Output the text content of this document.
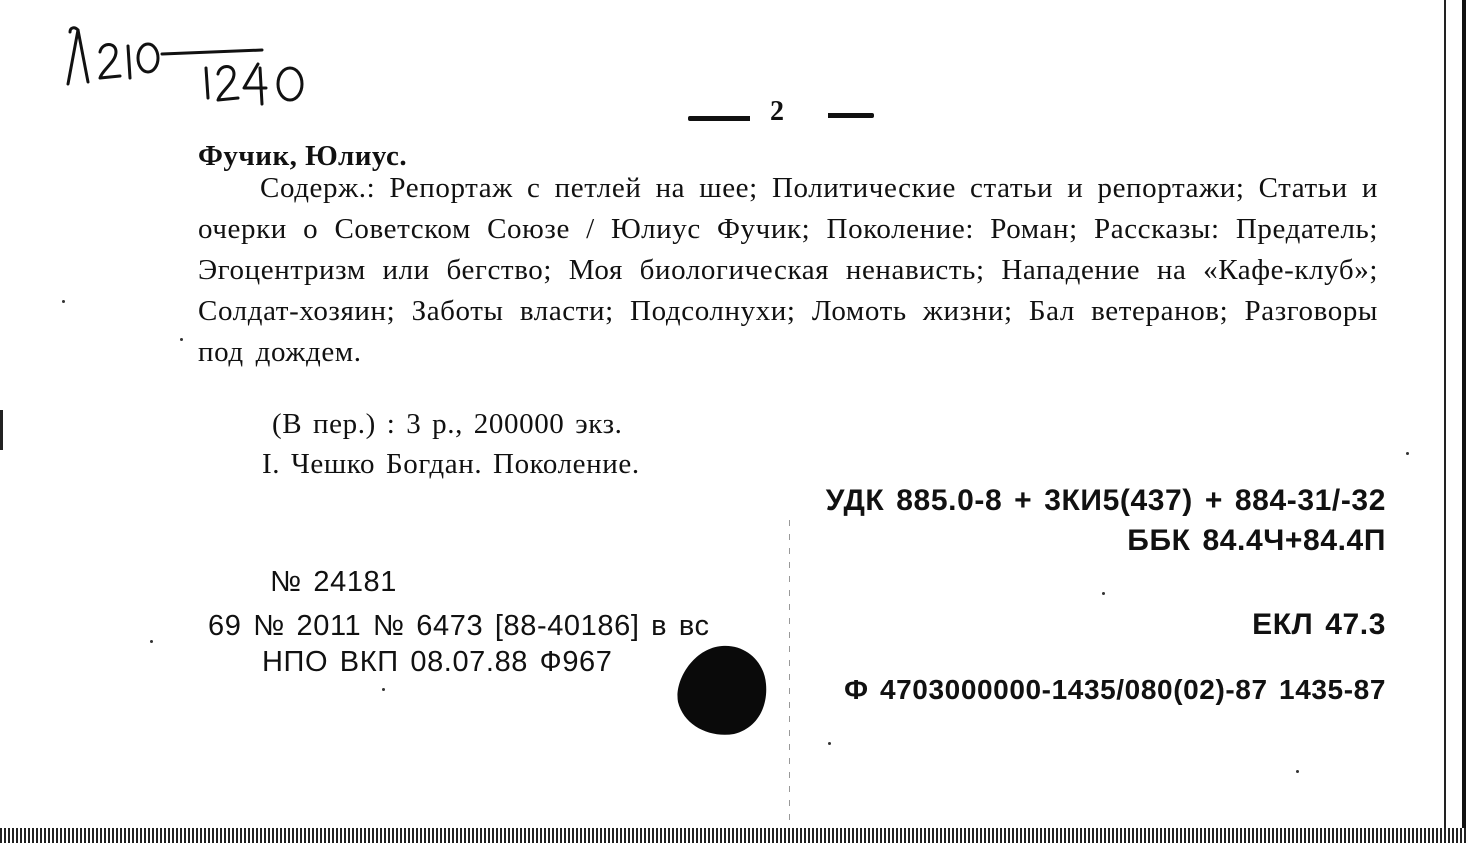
2
Фучик, Юлиус.
Содерж.: Репортаж с петлей на шее; Политические статьи и репортажи; Статьи и очерки о Советском Союзе / Юлиус Фучик; Поколение: Роман; Рассказы: Предатель; Эгоцентризм или бегство; Моя биологическая ненависть; Нападение на «Кафе-клуб»; Солдат-хозяин; Заботы власти; Подсолнухи; Ломоть жизни; Бал ветеранов; Разговоры под дождем.
(В пер.) : 3 р., 200000 экз.
I. Чешко Богдан. Поколение.
УДК 885.0-8 + 3КИ5(437) + 884-31/-32
ББК 84.4Ч+84.4П
№ 24181
69 № 2011 № 6473 [88-40186] в вс	ЕКЛ 47.3
НПО ВКП 08.07.88 Ф967
Ф 4703000000-1435/080(02)-87 1435-87
